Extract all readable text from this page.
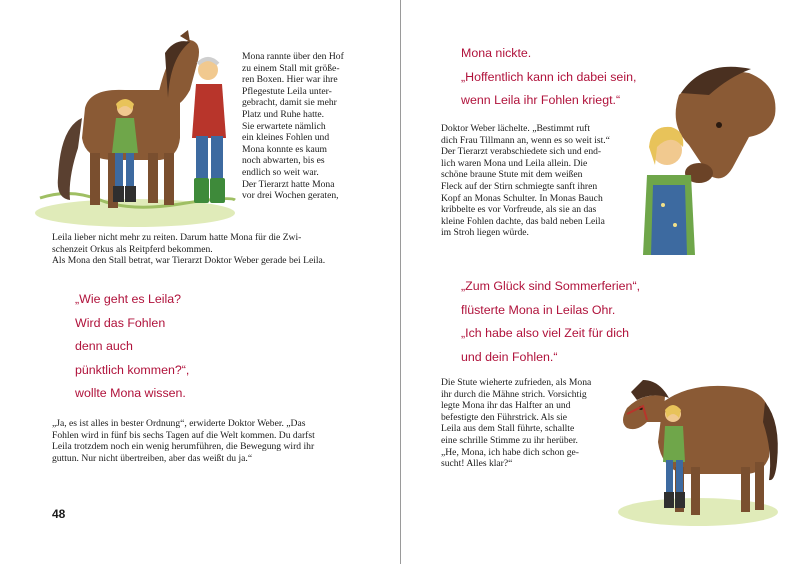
Mona rannte über den Hof
zu einem Stall mit größe-
ren Boxen. Hier war ihre
Pflegestute Leila unter-
gebracht, damit sie mehr
Platz und Ruhe hatte.
Sie erwartete nämlich
ein kleines Fohlen und
Mona konnte es kaum
noch abwarten, bis es
endlich so weit war.
Der Tierarzt hatte Mona
vor drei Wochen geraten,
Leila lieber nicht mehr zu reiten. Darum hatte Mona für die Zwi-
schenzeit Orkus als Reitpferd bekommen.
Als Mona den Stall betrat, war Tierarzt Doktor Weber gerade bei Leila.
„Wie geht es Leila?
Wird das Fohlen
denn auch
pünktlich kommen?“,
wollte Mona wissen.
„Ja, es ist alles in bester Ordnung“, erwiderte Doktor Weber. „Das
Fohlen wird in fünf bis sechs Tagen auf die Welt kommen. Du darfst
Leila trotzdem noch ein wenig herumführen, die Bewegung wird ihr
guttun. Nur nicht übertreiben, aber das weißt du ja.“
48
Mona nickte.
„Hoffentlich kann ich dabei sein,
wenn Leila ihr Fohlen kriegt.“
Doktor Weber lächelte. „Bestimmt ruft
dich Frau Tillmann an, wenn es so weit ist.“
Der Tierarzt verabschiedete sich und end-
lich waren Mona und Leila allein. Die
schöne braune Stute mit dem weißen
Fleck auf der Stirn schmiegte sanft ihren
Kopf an Monas Schulter. In Monas Bauch
kribbelte es vor Vorfreude, als sie an das
kleine Fohlen dachte, das bald neben Leila
im Stroh liegen würde.
„Zum Glück sind Sommerferien“,
flüsterte Mona in Leilas Ohr.
„Ich habe also viel Zeit für dich
und dein Fohlen.“
Die Stute wieherte zufrieden, als Mona
ihr durch die Mähne strich. Vorsichtig
legte Mona ihr das Halfter an und
befestigte den Führstrick. Als sie
Leila aus dem Stall führte, schallte
eine schrille Stimme zu ihr herüber.
„He, Mona, ich habe dich schon ge-
sucht! Alles klar?“
